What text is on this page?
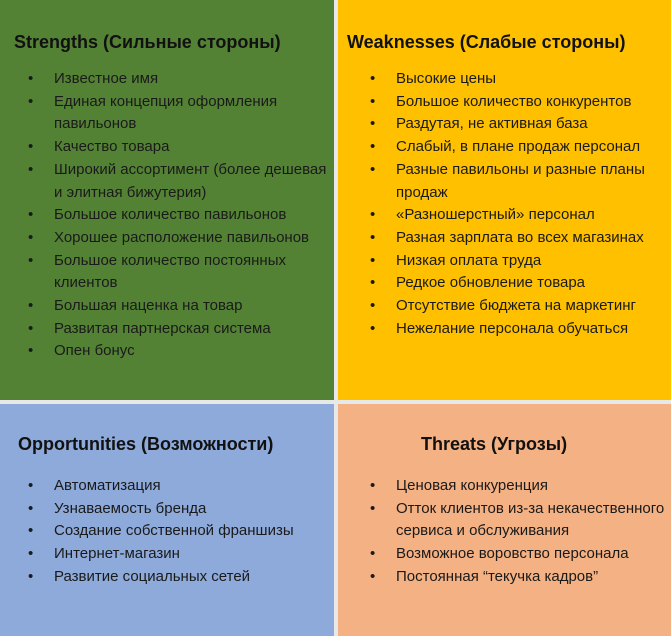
Strengths (Сильные стороны)
• Известное имя
• Единая концепция оформления павильонов
• Качество товара
• Широкий ассортимент (более дешевая и элитная бижутерия)
• Большое количество павильонов
• Хорошее расположение павильонов
• Большое количество постоянных клиентов
• Большая наценка на товар
• Развитая партнерская система
• Опен бонус
Weaknesses (Слабые стороны)
• Высокие цены
• Большое количество конкурентов
• Раздутая, не активная база
• Слабый, в плане продаж персонал
• Разные павильоны и разные планы продаж
• «Разношерстный» персонал
• Разная зарплата во всех магазинах
• Низкая оплата труда
• Редкое обновление товара
• Отсутствие бюджета на маркетинг
• Нежелание персонала обучаться
Opportunities (Возможности)
• Автоматизация
• Узнаваемость бренда
• Создание собственной франшизы
• Интернет-магазин
• Развитие социальных сетей
Threats (Угрозы)
• Ценовая конкуренция
• Отток клиентов из-за некачественного сервиса и обслуживания
• Возможное воровство персонала
• Постоянная “текучка кадров”
